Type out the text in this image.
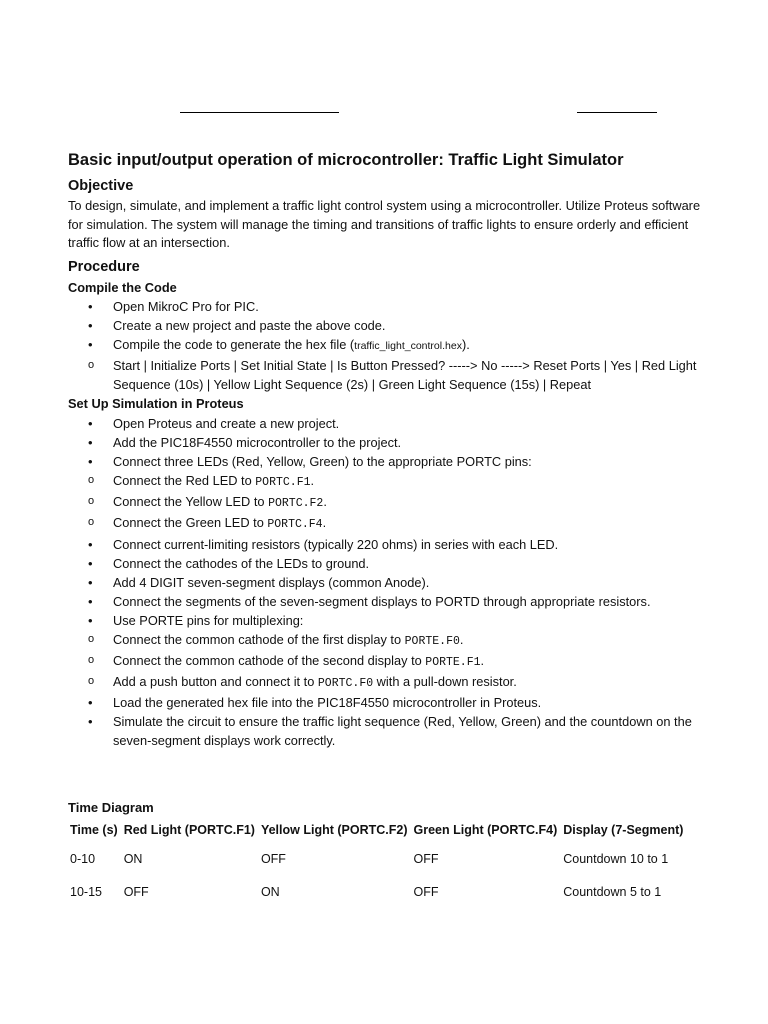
Basic input/output operation of microcontroller: Traffic Light Simulator
Objective

To design, simulate, and implement a traffic light control system using a microcontroller. Utilize Proteus software for simulation. The system will manage the timing and transitions of traffic lights to ensure orderly and efficient traffic flow at an intersection.

Procedure
Compile the Code
•	Open MikroC Pro for PIC.
•	Create a new project and paste the above code.
•	Compile the code to generate the hex file (traffic_light_control.hex).
o	Start | Initialize Ports | Set Initial State | Is Button Pressed? -----> No -----> Reset Ports | Yes | Red Light Sequence (10s) | Yellow Light Sequence (2s) | Green Light Sequence (15s) | Repeat
Set Up Simulation in Proteus
•	Open Proteus and create a new project.
•	Add the PIC18F4550 microcontroller to the project.
•	Connect three LEDs (Red, Yellow, Green) to the appropriate PORTC pins:
o	Connect the Red LED to PORTC.F1.
o	Connect the Yellow LED to PORTC.F2.
o	Connect the Green LED to PORTC.F4.
•	Connect current-limiting resistors (typically 220 ohms) in series with each LED.
•	Connect the cathodes of the LEDs to ground.
•	Add 4 DIGIT seven-segment displays (common Anode).
•	Connect the segments of the seven-segment displays to PORTD through appropriate resistors.
•	Use PORTE pins for multiplexing:
o	Connect the common cathode of the first display to PORTE.F0.
o	Connect the common cathode of the second display to PORTE.F1.
o	Add a push button and connect it to PORTC.F0 with a pull-down resistor.
•	Load the generated hex file into the PIC18F4550 microcontroller in Proteus.
•	Simulate the circuit to ensure the traffic light sequence (Red, Yellow, Green) and the countdown on the seven-segment displays work correctly.
Time Diagram
Time (s)	Red Light (PORTC.F1)	Yellow Light (PORTC.F2)	Green Light (PORTC.F4)	Display (7-Segment)
0-10	ON	OFF	OFF	Countdown 10 to 1
10-15	OFF	ON	OFF	Countdown 5 to 1
